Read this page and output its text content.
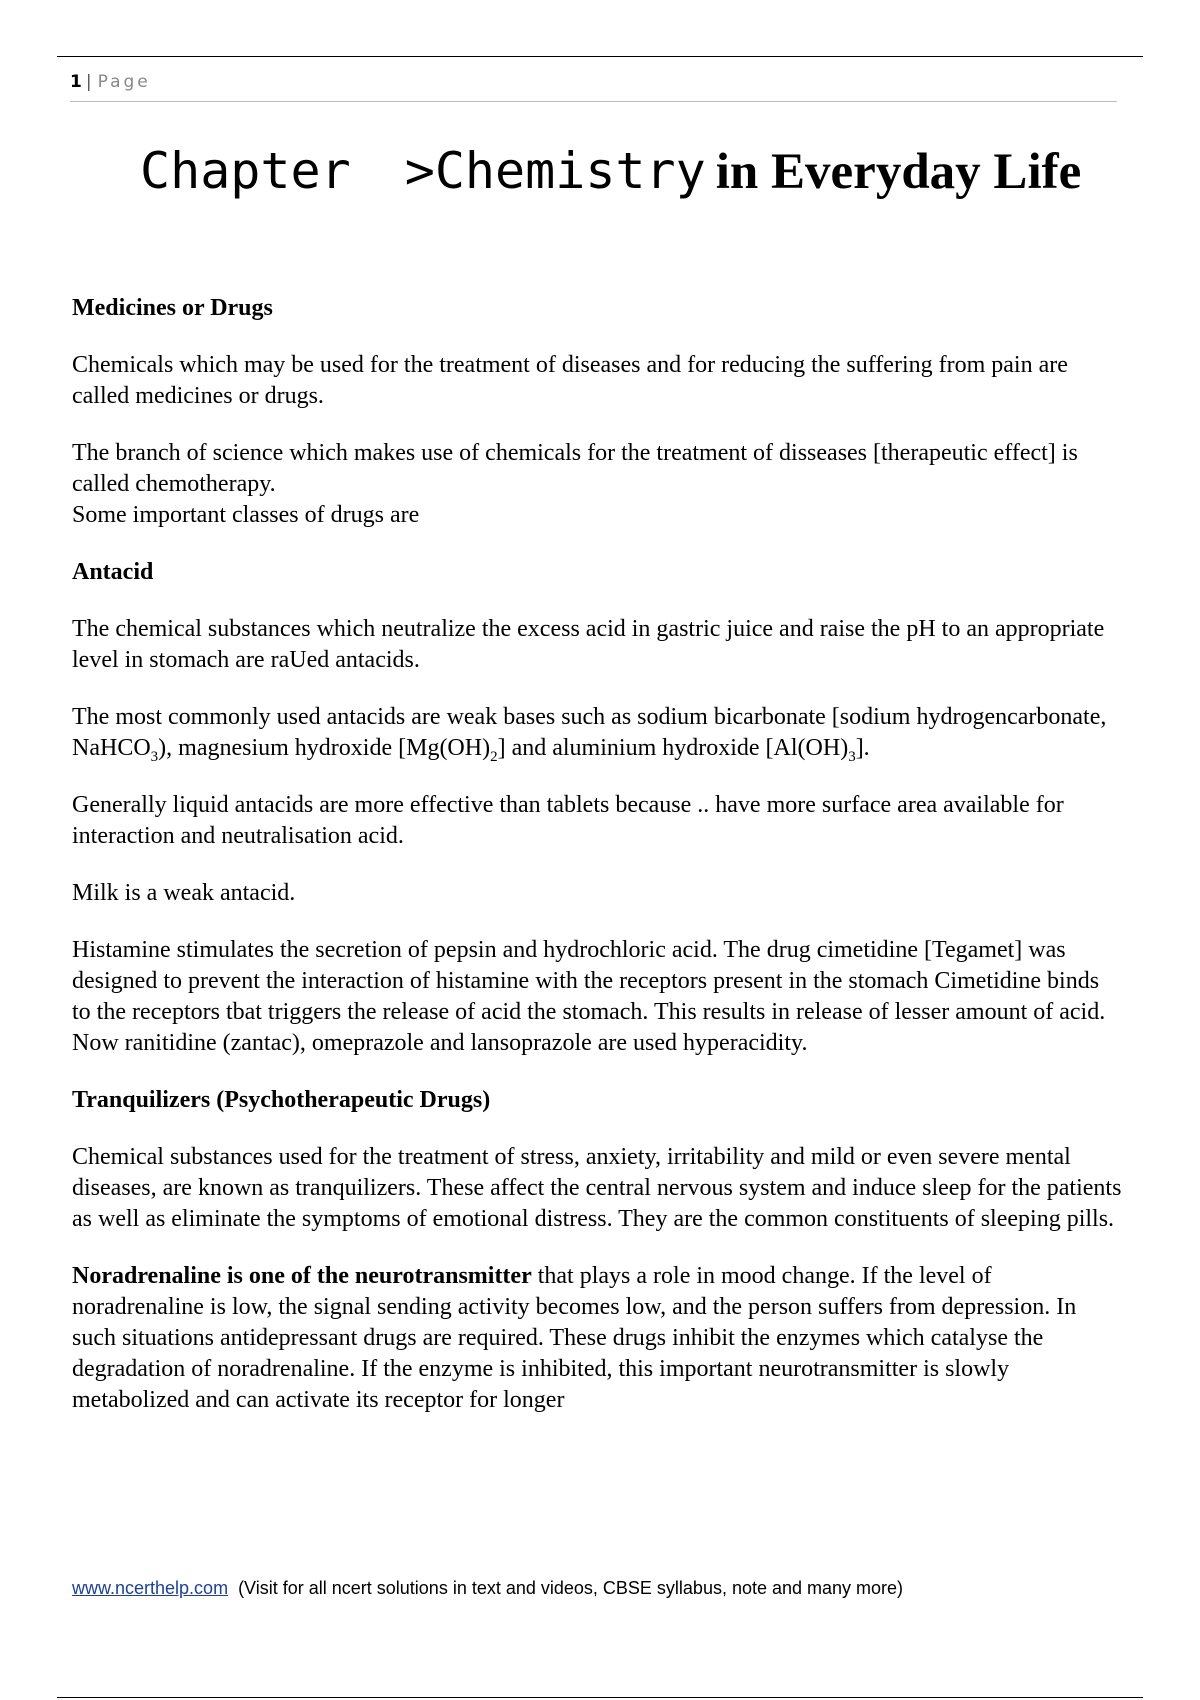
1 | Page
Chapter >Chemistry in Everyday Life
Medicines or Drugs

Chemicals which may be used for the treatment of diseases and for reducing the suffering from pain are called medicines or drugs.

The branch of science which makes use of chemicals for the treatment of disseases [therapeutic effect] is called chemotherapy.

Some important classes of drugs are

Antacid

The chemical substances which neutralize the excess acid in gastric juice and raise the pH to an appropriate level in stomach are raUed antacids.

The most commonly used antacids are weak bases such as sodium bicarbonate [sodium hydrogencarbonate, NaHCO$_3$), magnesium hydroxide $[Mg(OH)_2]$ and aluminium hydroxide $[Al(OH)_3]$.

Generally liquid antacids are more effective than tablets because .. have more surface area available for interaction and neutralisation acid.

Milk is a weak antacid.

Histamine stimulates the secretion of pepsin and hydrochloric acid. The drug cimetidine [Tegamet] was designed to prevent the interaction of histamine with the receptors present in the stomach Cimetidine binds to the receptors tbat triggers the release of acid the stomach. This results in release of lesser amount of acid. Now ranitidine (zantac), omeprazole and lansoprazole are used hyperacidity.

Tranquilizers (Psychotherapeutic Drugs)

Chemical substances used for the treatment of stress, anxiety, irritability and mild or even severe mental diseases, are known as tranquilizers. These affect the central nervous system and induce sleep for the patients as well as eliminate the symptoms of emotional distress. They are the common constituents of sleeping pills.

Noradrenaline is one of the neurotransmitter that plays a role in mood change. If the level of noradrenaline is low, the signal sending activity becomes low, and the person suffers from depression. In such situations antidepressant drugs are required. These drugs inhibit the enzymes which catalyse the degradation of noradrenaline. If the enzyme is inhibited, this important neurotransmitter is slowly metabolized and can activate its receptor for longer

www.ncerthelp.com (Visit for all ncert solutions in text and videos, CBSE syllabus, note and many more)
